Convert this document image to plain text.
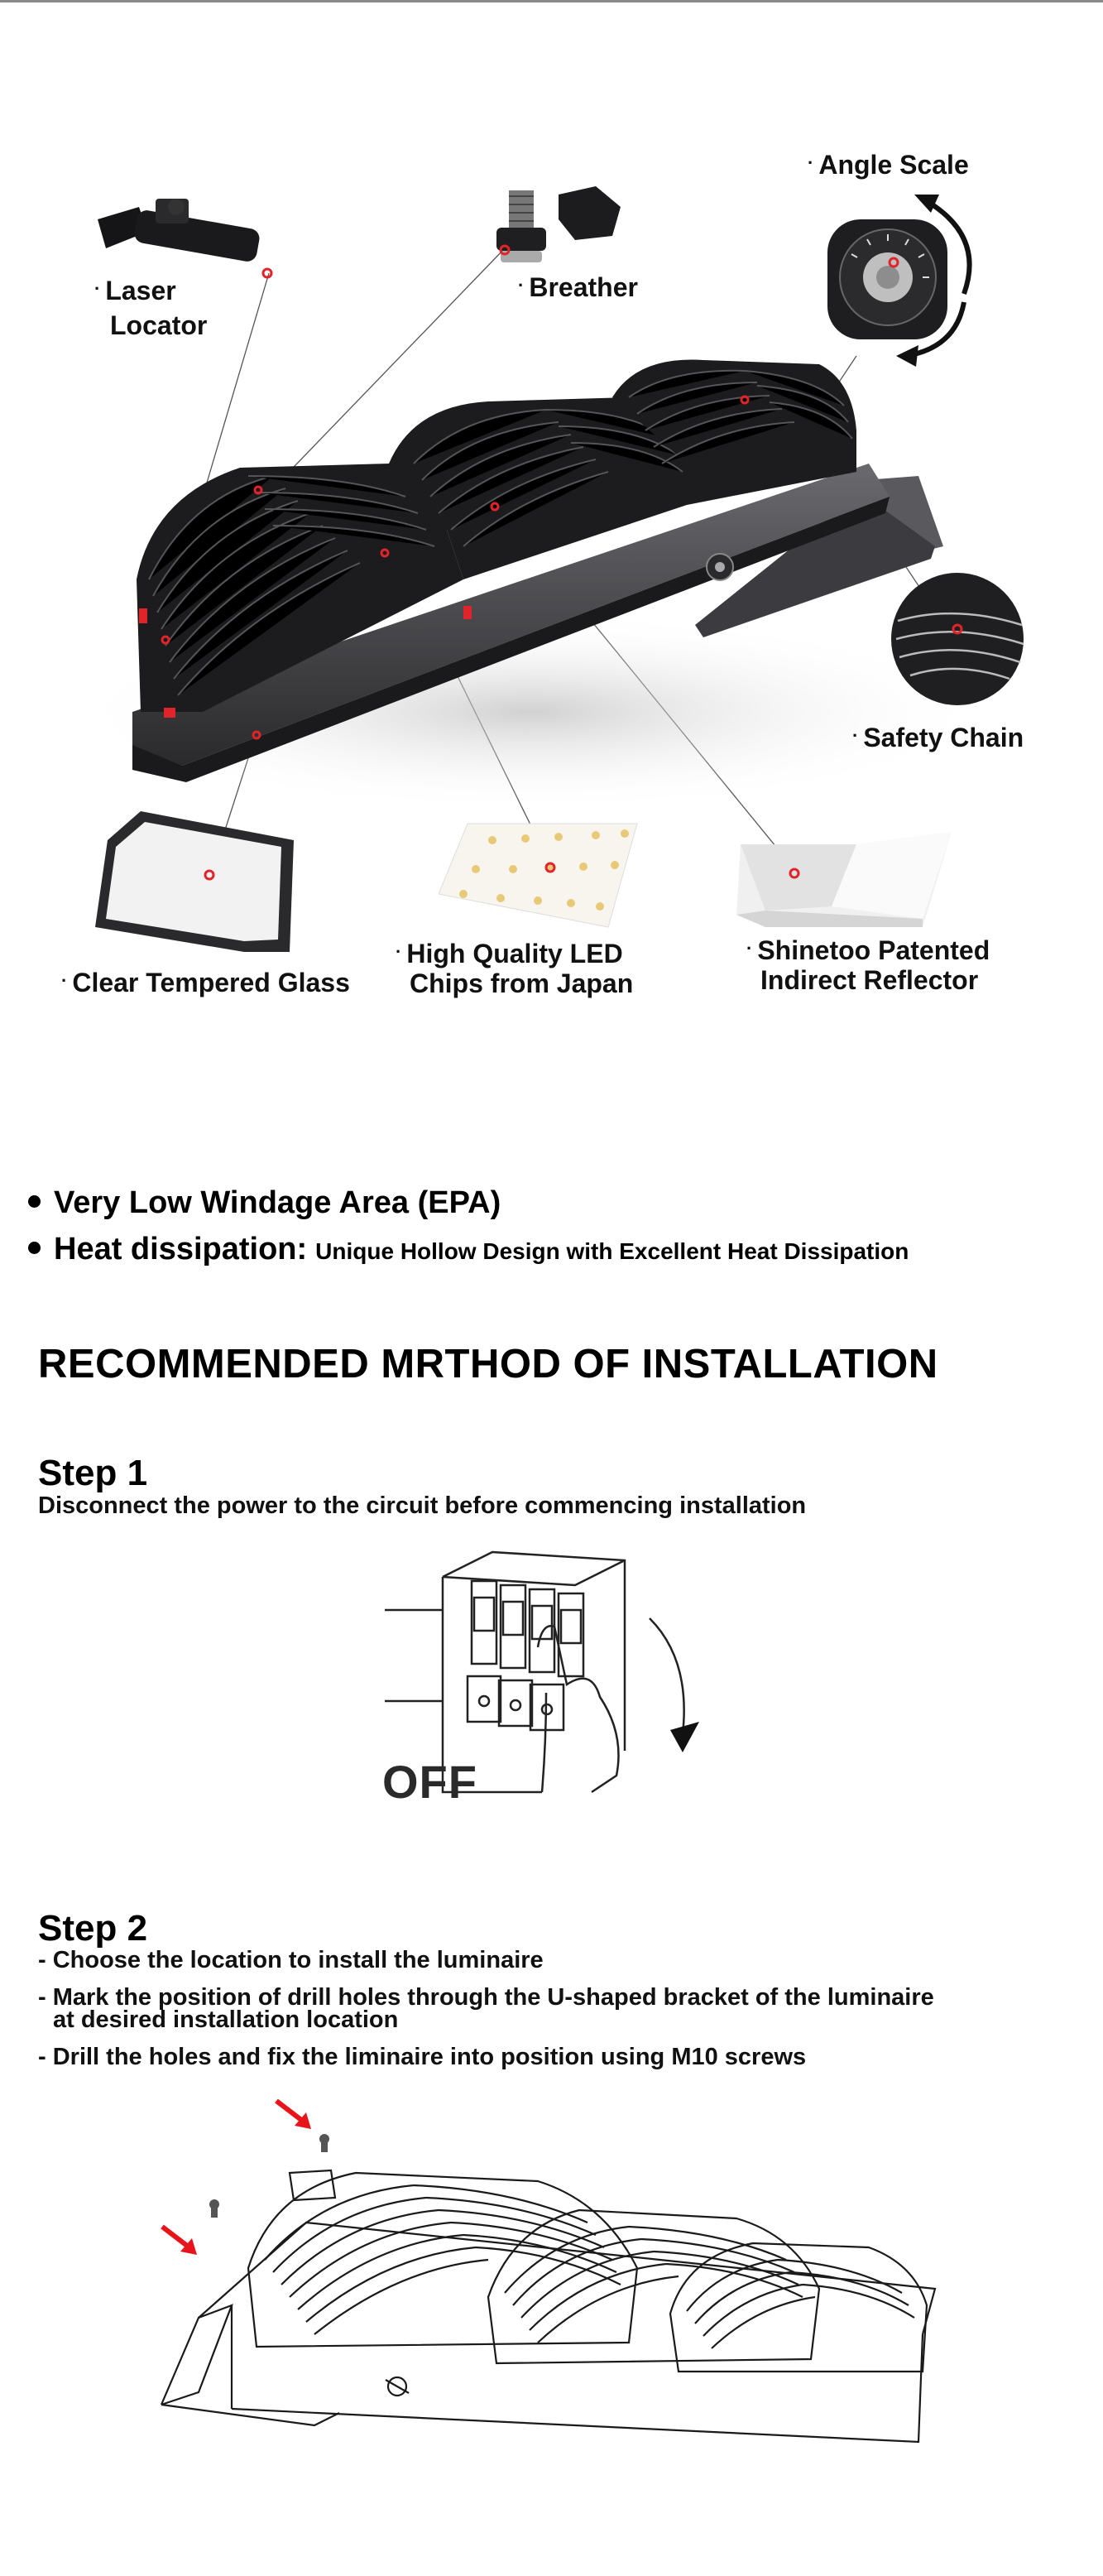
· Angle Scale
· Laser
Locator
· Breather
· Safety Chain
· Clear Tempered Glass
· High Quality LED
Chips from Japan
· Shinetoo Patented
Indirect Reflector
Very Low Windage Area (EPA)
Heat dissipation: Unique Hollow Design with Excellent Heat Dissipation
RECOMMENDED MRTHOD OF INSTALLATION
Step 1
Disconnect the power to the circuit before commencing installation
OFF
Step 2
- Choose the location to install the luminaire
- Mark the position of drill holes through the U-shaped bracket of the luminaire
at desired installation location
- Drill the holes and fix the liminaire into position using M10 screws
